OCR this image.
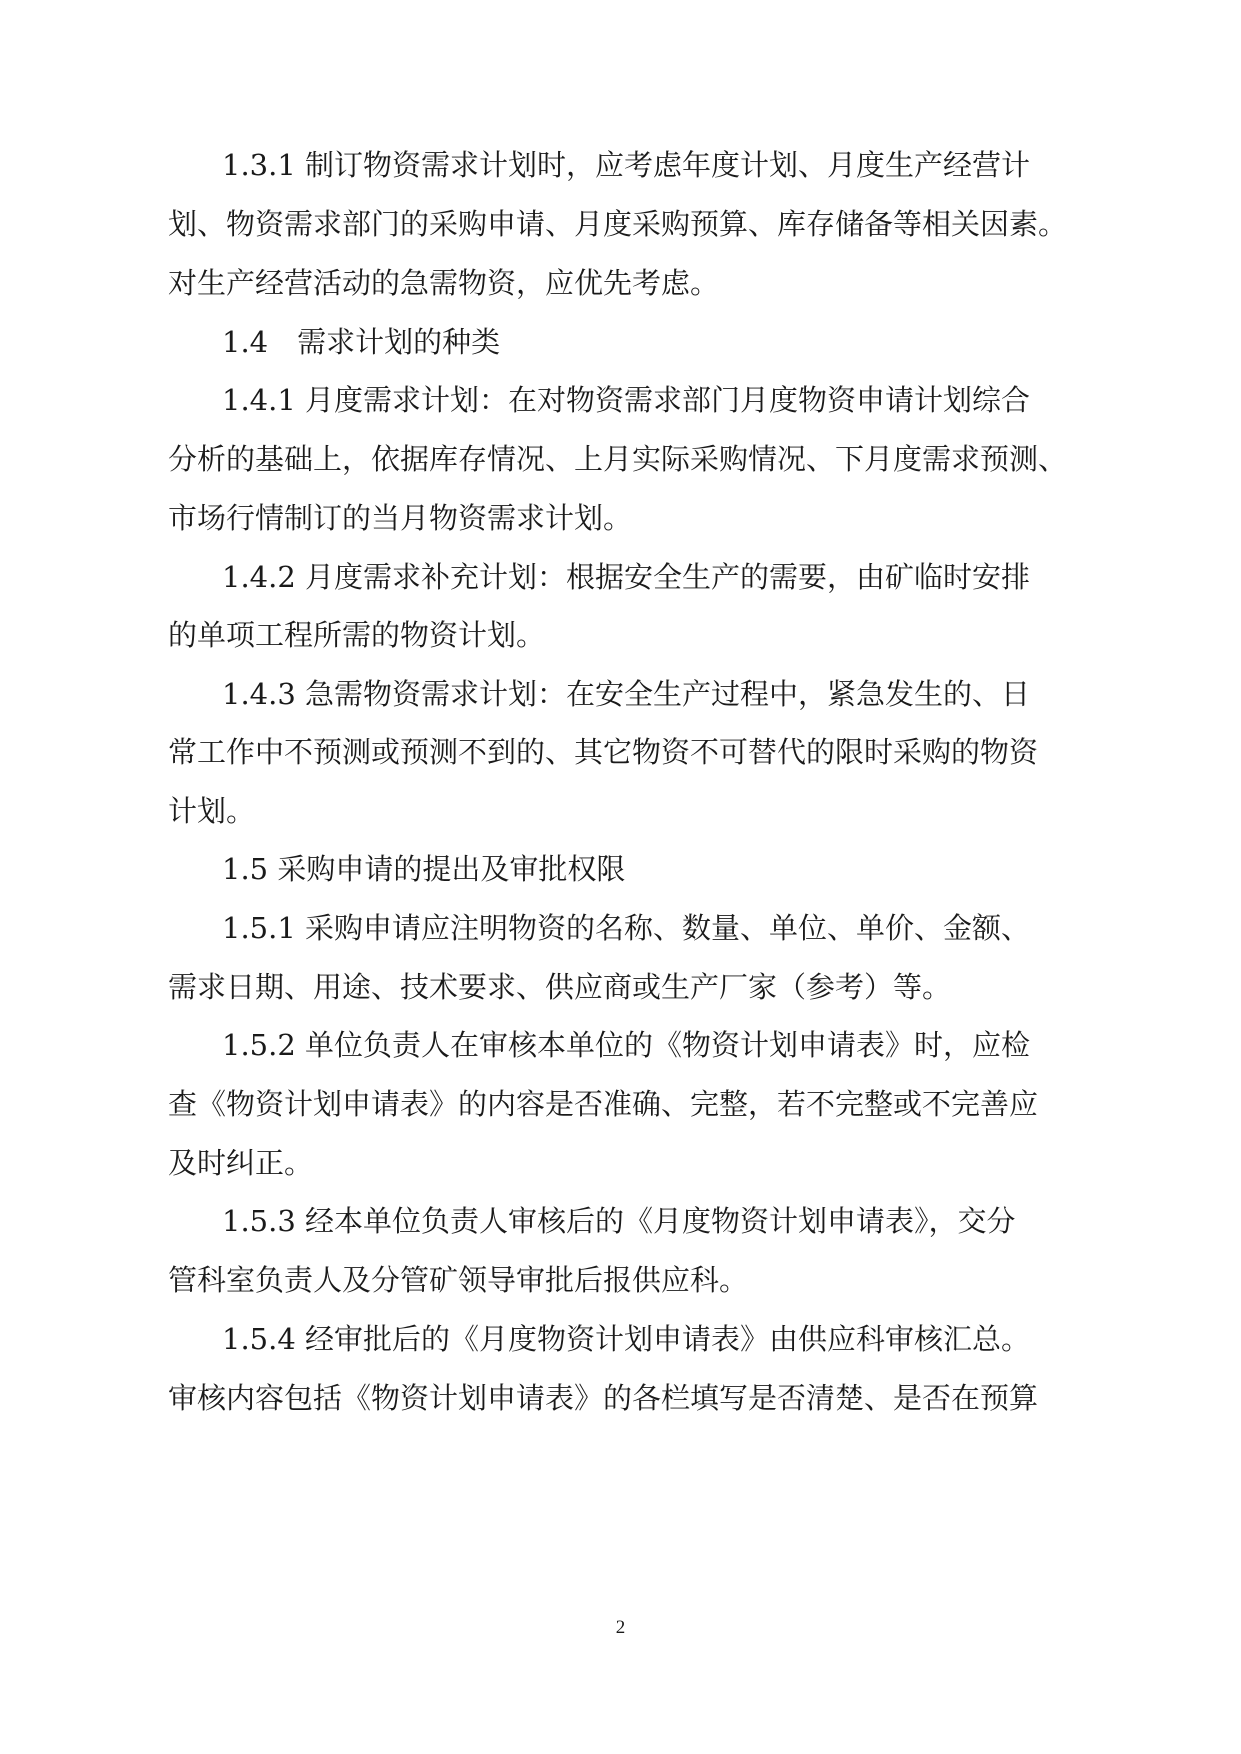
1.3.1 制订物资需求计划时，应考虑年度计划、月度生产经营计
划、物资需求部门的采购申请、月度采购预算、库存储备等相关因素。
对生产经营活动的急需物资，应优先考虑。
1.4　需求计划的种类
1.4.1 月度需求计划：在对物资需求部门月度物资申请计划综合
分析的基础上，依据库存情况、上月实际采购情况、下月度需求预测、
市场行情制订的当月物资需求计划。
1.4.2 月度需求补充计划：根据安全生产的需要，由矿临时安排
的单项工程所需的物资计划。
1.4.3 急需物资需求计划：在安全生产过程中，紧急发生的、日
常工作中不预测或预测不到的、其它物资不可替代的限时采购的物资
计划。
1.5 采购申请的提出及审批权限
1.5.1 采购申请应注明物资的名称、数量、单位、单价、金额、
需求日期、用途、技术要求、供应商或生产厂家（参考）等。
1.5.2 单位负责人在审核本单位的《物资计划申请表》时，应检
查《物资计划申请表》的内容是否准确、完整，若不完整或不完善应
及时纠正。
1.5.3 经本单位负责人审核后的《月度物资计划申请表》，交分
管科室负责人及分管矿领导审批后报供应科。
1.5.4 经审批后的《月度物资计划申请表》由供应科审核汇总。
审核内容包括《物资计划申请表》的各栏填写是否清楚、是否在预算
2
